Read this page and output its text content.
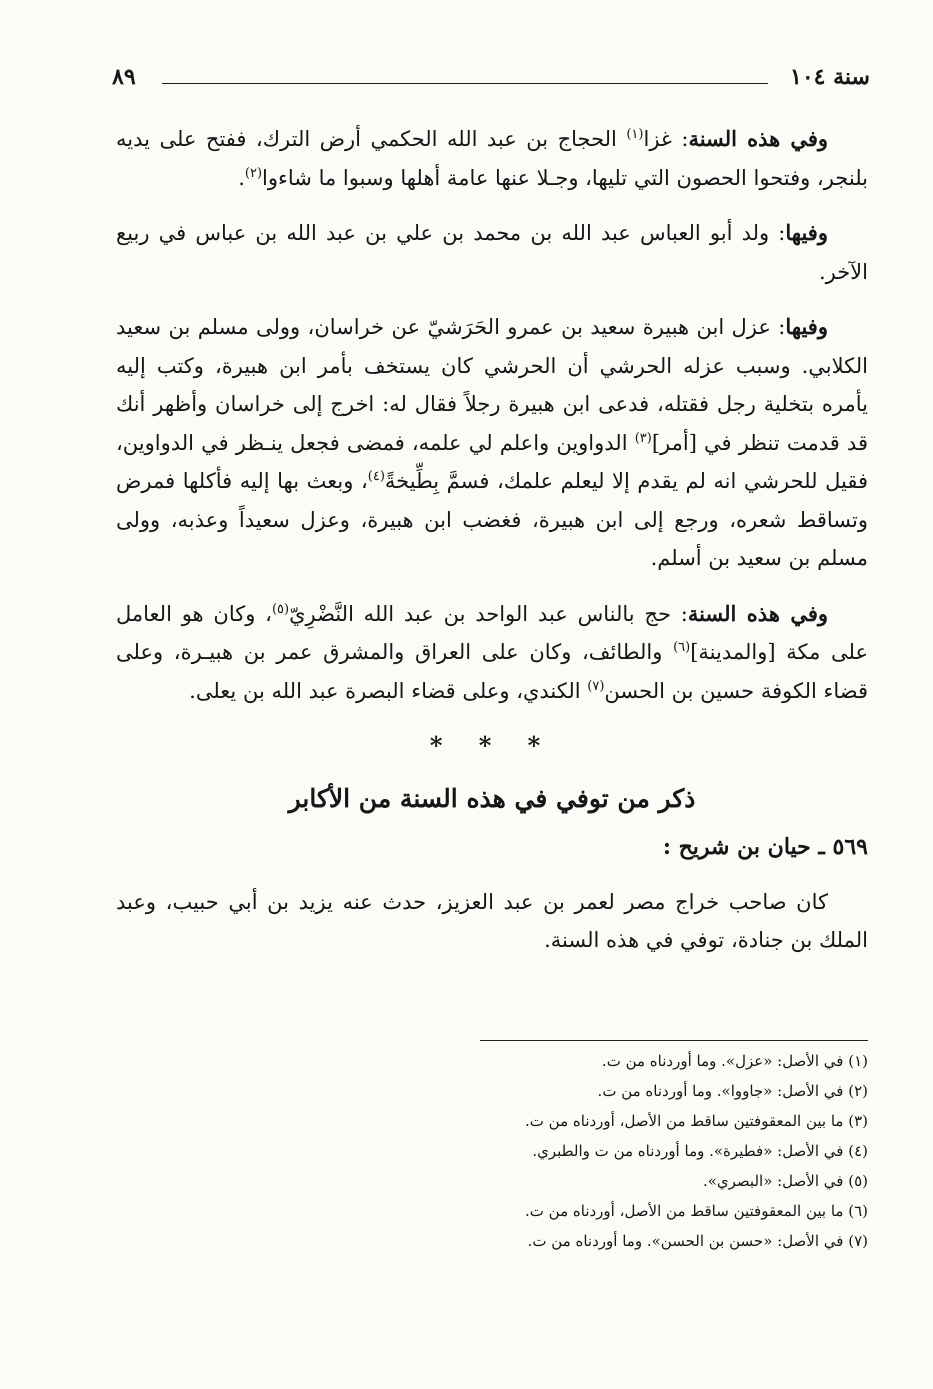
سنة ١٠٤
٨٩

وفي هذه السنة: غزا$^{(١)}$ الحجاج بن عبد الله الحكمي أرض الترك، ففتح على يديه بلنجر، وفتحوا الحصون التي تليها، وجـلا عنها عامة أهلها وسبوا ما شاءوا$^{(٢)}$.

وفيها: ولد أبو العباس عبد الله بن محمد بن علي بن عبد الله بن عباس في ربيع الآخر.

وفيها: عزل ابن هبيرة سعيد بن عمرو الحَرَشيّ عن خراسان، وولى مسلم بن سعيد الكلابي. وسبب عزله الحرشي أن الحرشي كان يستخف بأمر ابن هبيرة، وكتب إليه يأمره بتخلية رجل فقتله، فدعى ابن هبيرة رجلاً فقال له: اخرج إلى خراسان وأظهر أنك قد قدمت تنظر في [أمر]$^{(٣)}$ الدواوين واعلم لي علمه، فمضى فجعل ينـظر في الدواوين، فقيل للحرشي انه لم يقدم إلا ليعلم علمك، فسمَّ بِطِّيخةً$^{(٤)}$، وبعث بها إليه فأكلها فمرض وتساقط شعره، ورجع إلى ابن هبيرة، فغضب ابن هبيرة، وعزل سعيداً وعذبه، وولى مسلم بن سعيد بن أسلم.

وفي هذه السنة: حج بالناس عبد الواحد بن عبد الله النَّضْرِيّ$^{(٥)}$، وكان هو العامل على مكة [والمدينة]$^{(٦)}$ والطائف، وكان على العراق والمشرق عمر بن هبيـرة، وعلى قضاء الكوفة حسين بن الحسن$^{(٧)}$ الكندي، وعلى قضاء البصرة عبد الله بن يعلى.

* * *
ذكر من توفي في هذه السنة من الأكابر
٥٦٩ ـ حيان بن شريح :

كان صاحب خراج مصر لعمر بن عبد العزيز، حدث عنه يزيد بن أبي حبيب، وعبد الملك بن جنادة، توفي في هذه السنة.

(١) في الأصل: «عزل». وما أوردناه من ت.

(٢) في الأصل: «جاووا». وما أوردناه من ت.

(٣) ما بين المعقوفتين ساقط من الأصل، أوردناه من ت.

(٤) في الأصل: «فطيرة». وما أوردناه من ت والطبري.

(٥) في الأصل: «البصري».

(٦) ما بين المعقوفتين ساقط من الأصل، أوردناه من ت.

(٧) في الأصل: «حسن بن الحسن». وما أوردناه من ت.
